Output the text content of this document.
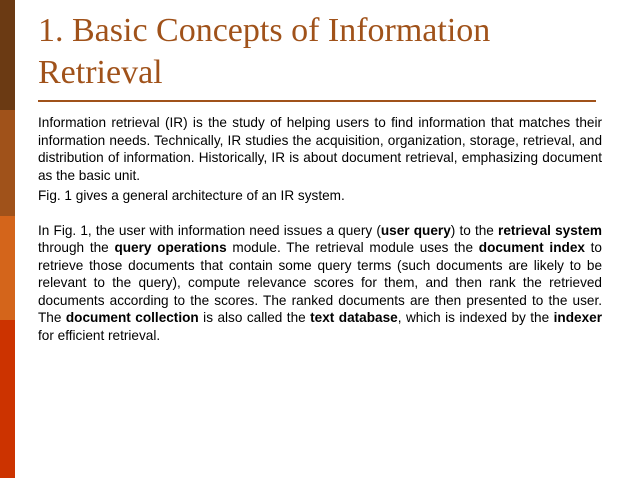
1. Basic Concepts of Information Retrieval

Information retrieval (IR) is the study of helping users to find information that matches their information needs. Technically, IR studies the acquisition, organization, storage, retrieval, and distribution of information. Historically, IR is about document retrieval, emphasizing document as the basic unit.

Fig. 1 gives a general architecture of an IR system.

In Fig. 1, the user with information need issues a query (user query) to the retrieval system through the query operations module. The retrieval module uses the document index to retrieve those documents that contain some query terms (such documents are likely to be relevant to the query), compute relevance scores for them, and then rank the retrieved documents according to the scores. The ranked documents are then presented to the user. The document collection is also called the text database, which is indexed by the indexer for efficient retrieval.
